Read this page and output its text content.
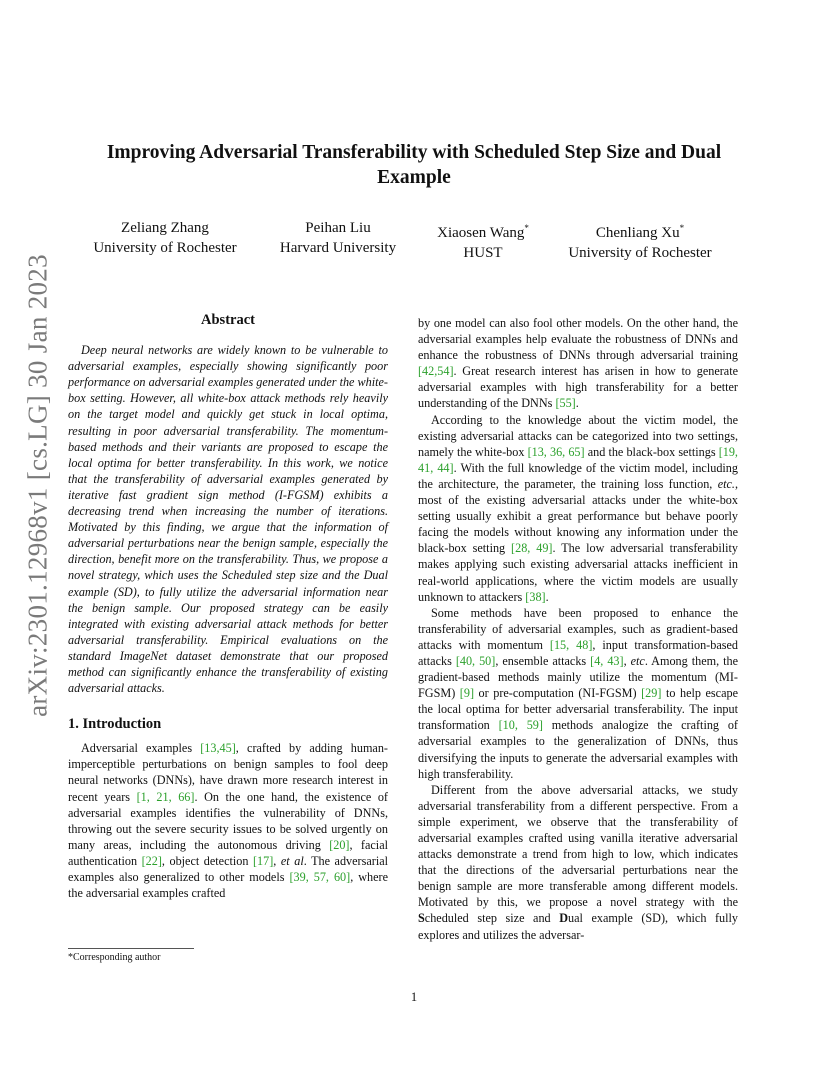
arXiv:2301.12968v1 [cs.LG] 30 Jan 2023
Improving Adversarial Transferability with Scheduled Step Size and Dual Example
Zeliang Zhang
University of Rochester
Peihan Liu
Harvard University
Xiaosen Wang*
HUST
Chenliang Xu*
University of Rochester
Abstract

Deep neural networks are widely known to be vulnerable to adversarial examples, especially showing significantly poor performance on adversarial examples generated under the white-box setting. However, all white-box attack methods rely heavily on the target model and quickly get stuck in local optima, resulting in poor adversarial transferability. The momentum-based methods and their variants are proposed to escape the local optima for better transferability. In this work, we notice that the transferability of adversarial examples generated by iterative fast gradient sign method (I-FGSM) exhibits a decreasing trend when increasing the number of iterations. Motivated by this finding, we argue that the information of adversarial perturbations near the benign sample, especially the direction, benefit more on the transferability. Thus, we propose a novel strategy, which uses the Scheduled step size and the Dual example (SD), to fully utilize the adversarial information near the benign sample. Our proposed strategy can be easily integrated with existing adversarial attack methods for better adversarial transferability. Empirical evaluations on the standard ImageNet dataset demonstrate that our proposed method can significantly enhance the transferability of existing adversarial attacks.

1. Introduction

Adversarial examples [13,45], crafted by adding human-imperceptible perturbations on benign samples to fool deep neural networks (DNNs), have drawn more research interest in recent years [1, 21, 66]. On the one hand, the existence of adversarial examples identifies the vulnerability of DNNs, throwing out the severe security issues to be solved urgently on many areas, including the autonomous driving [20], facial authentication [22], object detection [17], et al. The adversarial examples also generalized to other models [39, 57, 60], where the adversarial examples crafted

by one model can also fool other models. On the other hand, the adversarial examples help evaluate the robustness of DNNs and enhance the robustness of DNNs through adversarial training [42,54]. Great research interest has arisen in how to generate adversarial examples with high transferability for a better understanding of the DNNs [55].

According to the knowledge about the victim model, the existing adversarial attacks can be categorized into two settings, namely the white-box [13, 36, 65] and the black-box settings [19, 41, 44]. With the full knowledge of the victim model, including the architecture, the parameter, the training loss function, etc., most of the existing adversarial attacks under the white-box setting usually exhibit a great performance but behave poorly facing the models without knowing any information under the black-box setting [28, 49]. The low adversarial transferability makes applying such existing adversarial attacks inefficient in real-world applications, where the victim models are usually unknown to attackers [38].

Some methods have been proposed to enhance the transferability of adversarial examples, such as gradient-based attacks with momentum [15, 48], input transformation-based attacks [40, 50], ensemble attacks [4, 43], etc. Among them, the gradient-based methods mainly utilize the momentum (MI-FGSM) [9] or pre-computation (NI-FGSM) [29] to help escape the local optima for better adversarial transferability. The input transformation [10, 59] methods analogize the crafting of adversarial examples to the generalization of DNNs, thus diversifying the inputs to generate the adversarial examples with high transferability.

Different from the above adversarial attacks, we study adversarial transferability from a different perspective. From a simple experiment, we observe that the transferability of adversarial examples crafted using vanilla iterative adversarial attacks demonstrate a trend from high to low, which indicates that the directions of the adversarial perturbations near the benign sample are more transferable among different models. Motivated by this, we propose a novel strategy with the Scheduled step size and Dual example (SD), which fully explores and utilizes the adversar-

*Corresponding author
1
